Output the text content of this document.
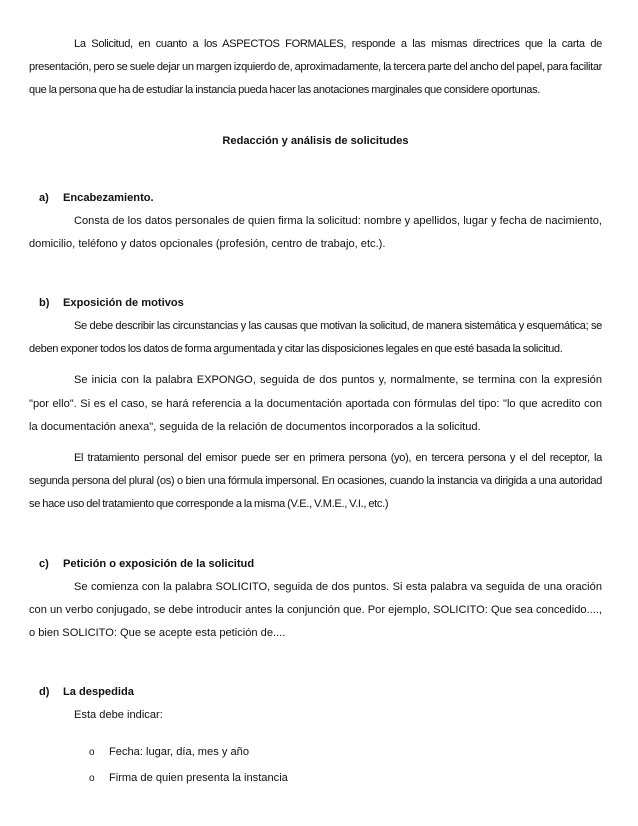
La Solicitud, en cuanto a los ASPECTOS FORMALES, responde a las mismas directrices que la carta de presentación, pero se suele dejar un margen izquierdo de, aproximadamente, la tercera parte del ancho del papel, para facilitar que la persona que ha de estudiar la instancia pueda hacer las anotaciones marginales que considere oportunas.

Redacción y análisis de solicitudes
a)	Encabezamiento.

Consta de los datos personales de quien firma la solicitud: nombre y apellidos, lugar y fecha de nacimiento, domicilio, teléfono y datos opcionales (profesión, centro de trabajo, etc.).

b)	Exposición de motivos

Se debe describir las circunstancias y las causas que motivan la solicitud, de manera sistemática y esquemática; se deben exponer todos los datos de forma argumentada y citar las disposiciones legales en que esté basada la solicitud.

Se inicia con la palabra EXPONGO, seguida de dos puntos y, normalmente, se termina con la expresión "por ello". Si es el caso, se hará referencia a la documentación aportada con fórmulas del tipo: "lo que acredito con la documentación anexa", seguida de la relación de documentos incorporados a la solicitud.

El tratamiento personal del emisor puede ser en primera persona (yo), en tercera persona y el del receptor, la segunda persona del plural (os) o bien una fórmula impersonal. En ocasiones, cuando la instancia va dirigida a una autoridad se hace uso del tratamiento que corresponde a la misma (V.E., V.M.E., V.I., etc.)

c)	Petición o exposición de la solicitud

Se comienza con la palabra SOLICITO, seguida de dos puntos. Si esta palabra va seguida de una oración con un verbo conjugado, se debe introducir antes la conjunción que. Por ejemplo, SOLICITO: Que sea concedido...., o bien SOLICITO: Que se acepte esta petición de....

d)	La despedida
Esta debe indicar:
o	Fecha: lugar, día, mes y año
o	Firma de quien presenta la instancia
